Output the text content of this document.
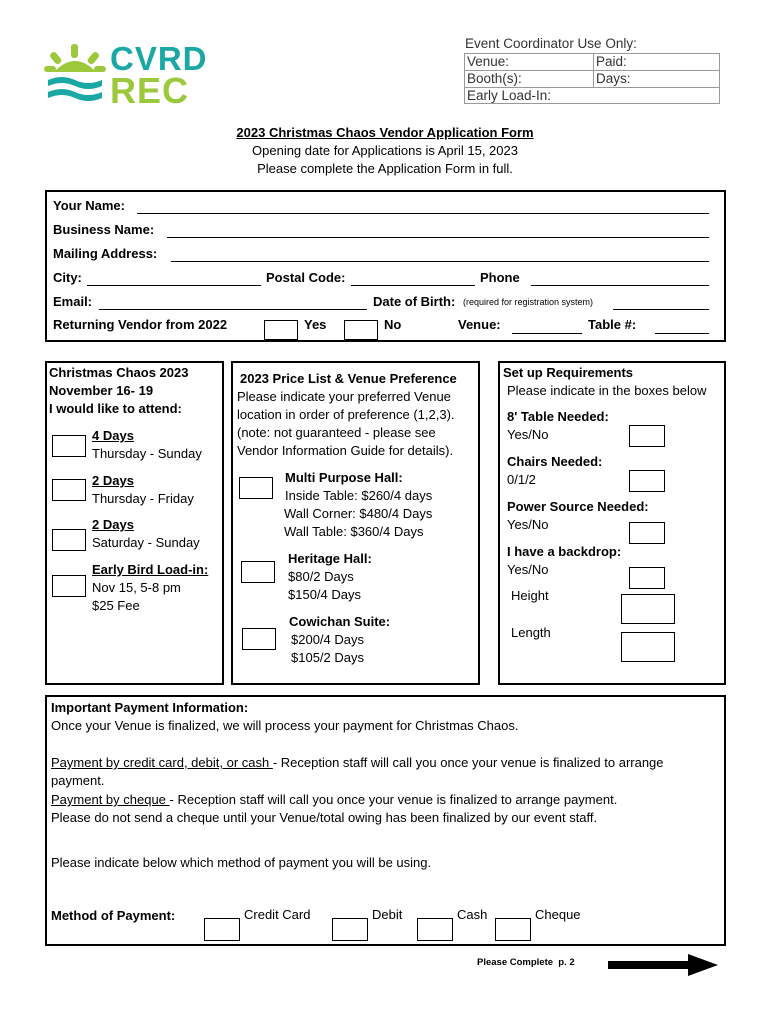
CVRD
REC
Event Coordinator Use Only:
Venue:	Paid:
Booth(s):	Days:
Early Load-In:
2023 Christmas Chaos Vendor Application Form
Opening date for Applications is April 15, 2023
Please complete the Application Form in full.
Your Name:
Business Name:
Mailing Address:
City:	Postal Code:	Phone
Email:	Date of Birth: (required for registration system)
Returning Vendor from 2022	Yes	No	Venue:	Table #:
Christmas Chaos 2023
November 16- 19
I would like to attend:
4 Days
Thursday - Sunday
2 Days
Thursday - Friday
2 Days
Saturday - Sunday
Early Bird Load-in:
Nov 15, 5-8 pm
$25 Fee
2023 Price List & Venue Preference
Please indicate your preferred Venue
location in order of preference (1,2,3).
(note: not guaranteed - please see
Vendor Information Guide for details).
Multi Purpose Hall:
Inside Table: $260/4 days
Wall Corner: $480/4 Days
Wall Table: $360/4 Days
Heritage Hall:
$80/2 Days
$150/4 Days
Cowichan Suite:
$200/4 Days
$105/2 Days
Set up Requirements
Please indicate in the boxes below
8' Table Needed:
Yes/No
Chairs Needed:
0/1/2
Power Source Needed:
Yes/No
I have a backdrop:
Yes/No
Height
Length
Important Payment Information:
Once your Venue is finalized, we will process your payment for Christmas Chaos.
Payment by credit card, debit, or cash - Reception staff will call you once your venue is finalized to arrange
payment.
Payment by cheque - Reception staff will call you once your venue is finalized to arrange payment.
Please do not send a cheque until your Venue/total owing has been finalized by our event staff.
Please indicate below which method of payment you will be using.
Method of Payment:	Credit Card	Debit	Cash	Cheque
Please Complete  p. 2
